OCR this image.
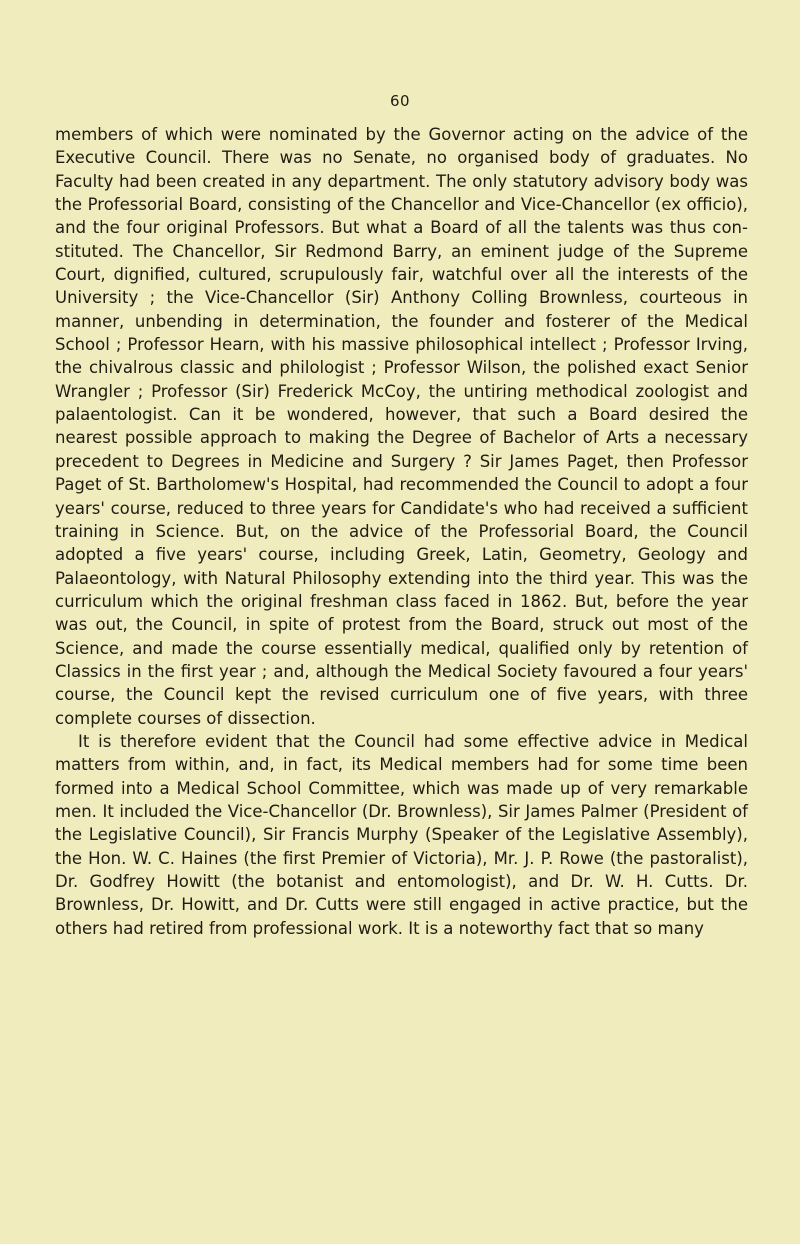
60

members of which were nominated by the Governor acting on the advice of the Executive Council. There was no Senate, no organised body of graduates. No Faculty had been created in any department. The only statutory advisory body was the Professorial Board, consisting of the Chancellor and Vice-Chancellor (ex officio), and the four original Professors. But what a Board of all the talents was thus constituted. The Chancellor, Sir Redmond Barry, an eminent judge of the Supreme Court, dignified, cultured, scrupulously fair, watchful over all the interests of the University ; the Vice-Chancellor (Sir) Anthony Colling Brownless, courteous in manner, unbending in determination, the founder and fosterer of the Medical School ; Professor Hearn, with his massive philosophical intellect ; Professor Irving, the chivalrous classic and philologist ; Professor Wilson, the polished exact Senior Wrangler ; Professor (Sir) Frederick McCoy, the untiring methodical zoologist and palaentologist. Can it be wondered, however, that such a Board desired the nearest possible approach to making the Degree of Bachelor of Arts a necessary precedent to Degrees in Medicine and Surgery ? Sir James Paget, then Professor Paget of St. Bartholomew's Hospital, had recommended the Council to adopt a four years' course, reduced to three years for Candidate's who had received a sufficient training in Science. But, on the advice of the Professorial Board, the Council adopted a five years' course, including Greek, Latin, Geometry, Geology and Palaeontology, with Natural Philosophy extending into the third year. This was the curriculum which the original freshman class faced in 1862. But, before the year was out, the Council, in spite of protest from the Board, struck out most of the Science, and made the course essentially medical, qualified only by retention of Classics in the first year ; and, although the Medical Society favoured a four years' course, the Council kept the revised curriculum one of five years, with three complete courses of dissection.

It is therefore evident that the Council had some effective advice in Medical matters from within, and, in fact, its Medical members had for some time been formed into a Medical School Committee, which was made up of very remarkable men. It included the Vice-Chancellor (Dr. Brownless), Sir James Palmer (President of the Legislative Council), Sir Francis Murphy (Speaker of the Legislative Assembly), the Hon. W. C. Haines (the first Premier of Victoria), Mr. J. P. Rowe (the pastoralist), Dr. Godfrey Howitt (the botanist and entomologist), and Dr. W. H. Cutts. Dr. Brownless, Dr. Howitt, and Dr. Cutts were still engaged in active practice, but the others had retired from professional work. It is a noteworthy fact that so many
